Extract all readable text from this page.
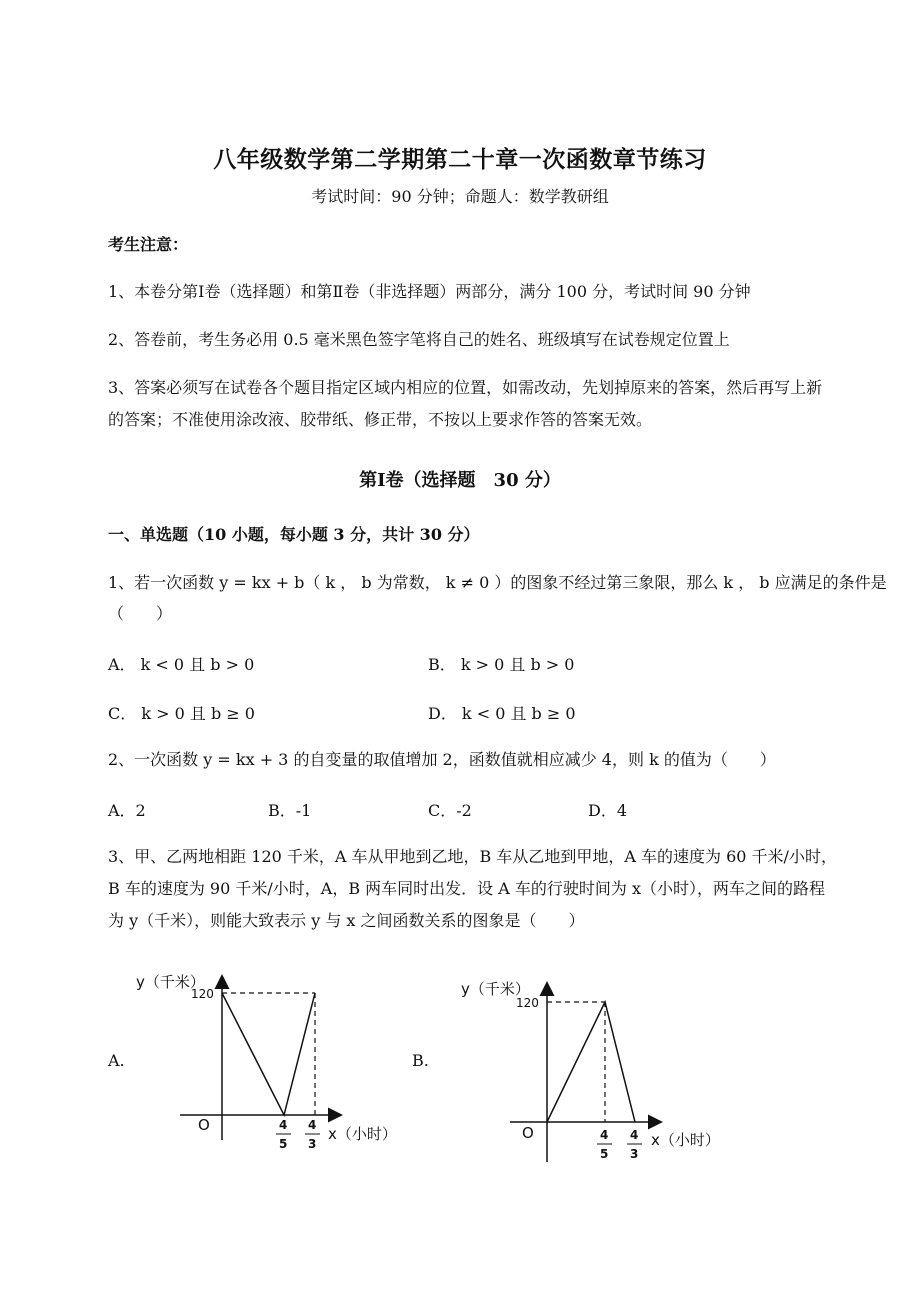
八年级数学第二学期第二十章一次函数章节练习
考试时间：90 分钟；命题人：数学教研组
考生注意：
1、本卷分第Ⅰ卷（选择题）和第Ⅱ卷（非选择题）两部分，满分 100 分，考试时间 90 分钟
2、答卷前，考生务必用 0.5 毫米黑色签字笔将自己的姓名、班级填写在试卷规定位置上
3、答案必须写在试卷各个题目指定区域内相应的位置，如需改动，先划掉原来的答案，然后再写上新
的答案；不准使用涂改液、胶带纸、修正带，不按以上要求作答的答案无效。
第Ⅰ卷（选择题　30 分）
一、单选题（10 小题，每小题 3 分，共计 30 分）
1、若一次函数 y = kx + b（ k ， b 为常数， k ≠ 0 ）的图象不经过第三象限，那么 k ， b 应满足的条件是
（　　）
A． k < 0 且 b > 0	B． k > 0 且 b > 0
C． k > 0 且 b ≥ 0	D． k < 0 且 b ≥ 0
2、一次函数 y = kx + 3 的自变量的取值增加 2，函数值就相应减少 4，则 k 的值为（　　）
A．2	B．-1	C．-2	D．4
3、甲、乙两地相距 120 千米，A 车从甲地到乙地，B 车从乙地到甲地，A 车的速度为 60 千米/小时，
B 车的速度为 90 千米/小时，A，B 两车同时出发．设 A 车的行驶时间为 x（小时），两车之间的路程
为 y（千米），则能大致表示 y 与 x 之间函数关系的图象是（　　）
A.	B.
y（千米）
120
O	4
5
4
3
x（小时）
y（千米）
120
O	4
5
4
3
x（小时）
